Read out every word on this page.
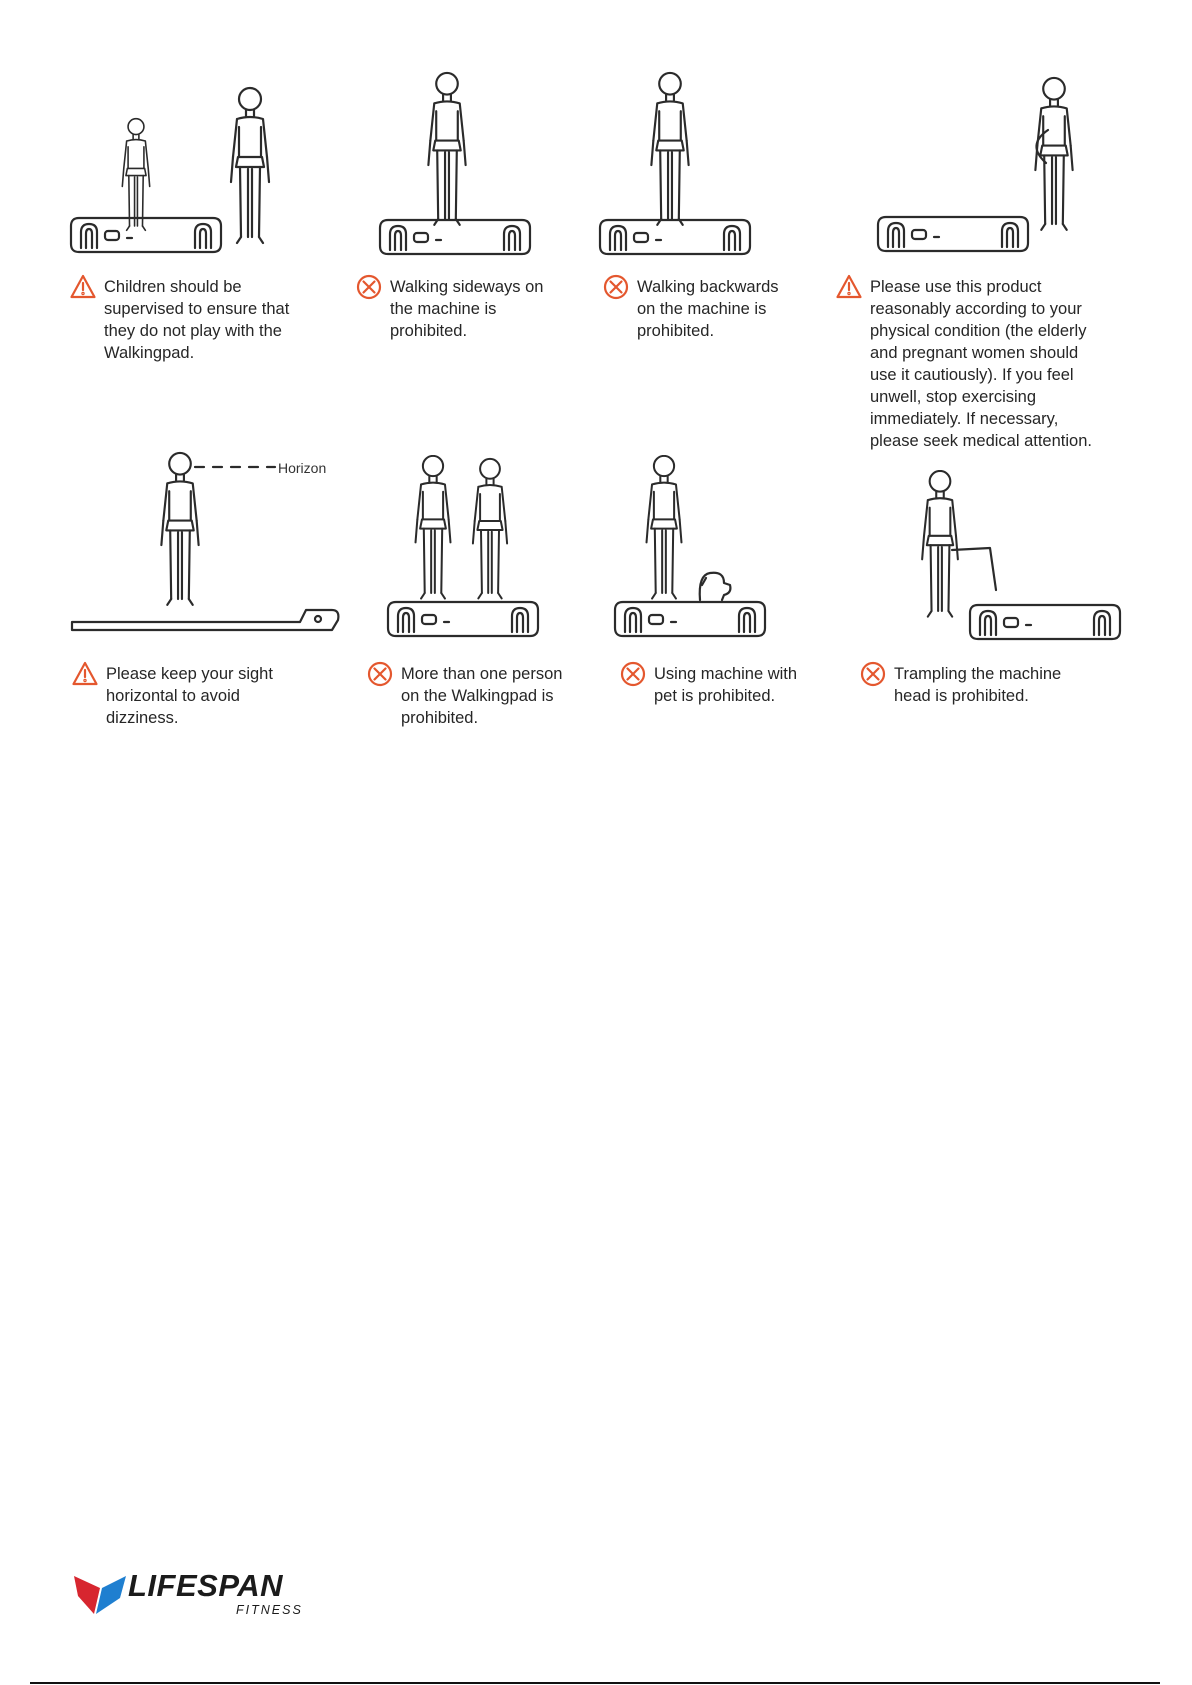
Horizon
Children should be
supervised to ensure that
they do not play with the
Walkingpad.
Walking sideways on
the machine is
prohibited.
Walking backwards
on the machine is
prohibited.
Please use this product
reasonably according to your
physical condition (the elderly
and pregnant women should
use it cautiously). If you feel
unwell, stop exercising
immediately. If necessary,
please seek medical attention.
Please keep your sight
horizontal to avoid
dizziness.
More than one person
on the Walkingpad is
prohibited.
Using machine with
pet is prohibited.
Trampling the machine
head is prohibited.
LIFESPAN
FITNESS
